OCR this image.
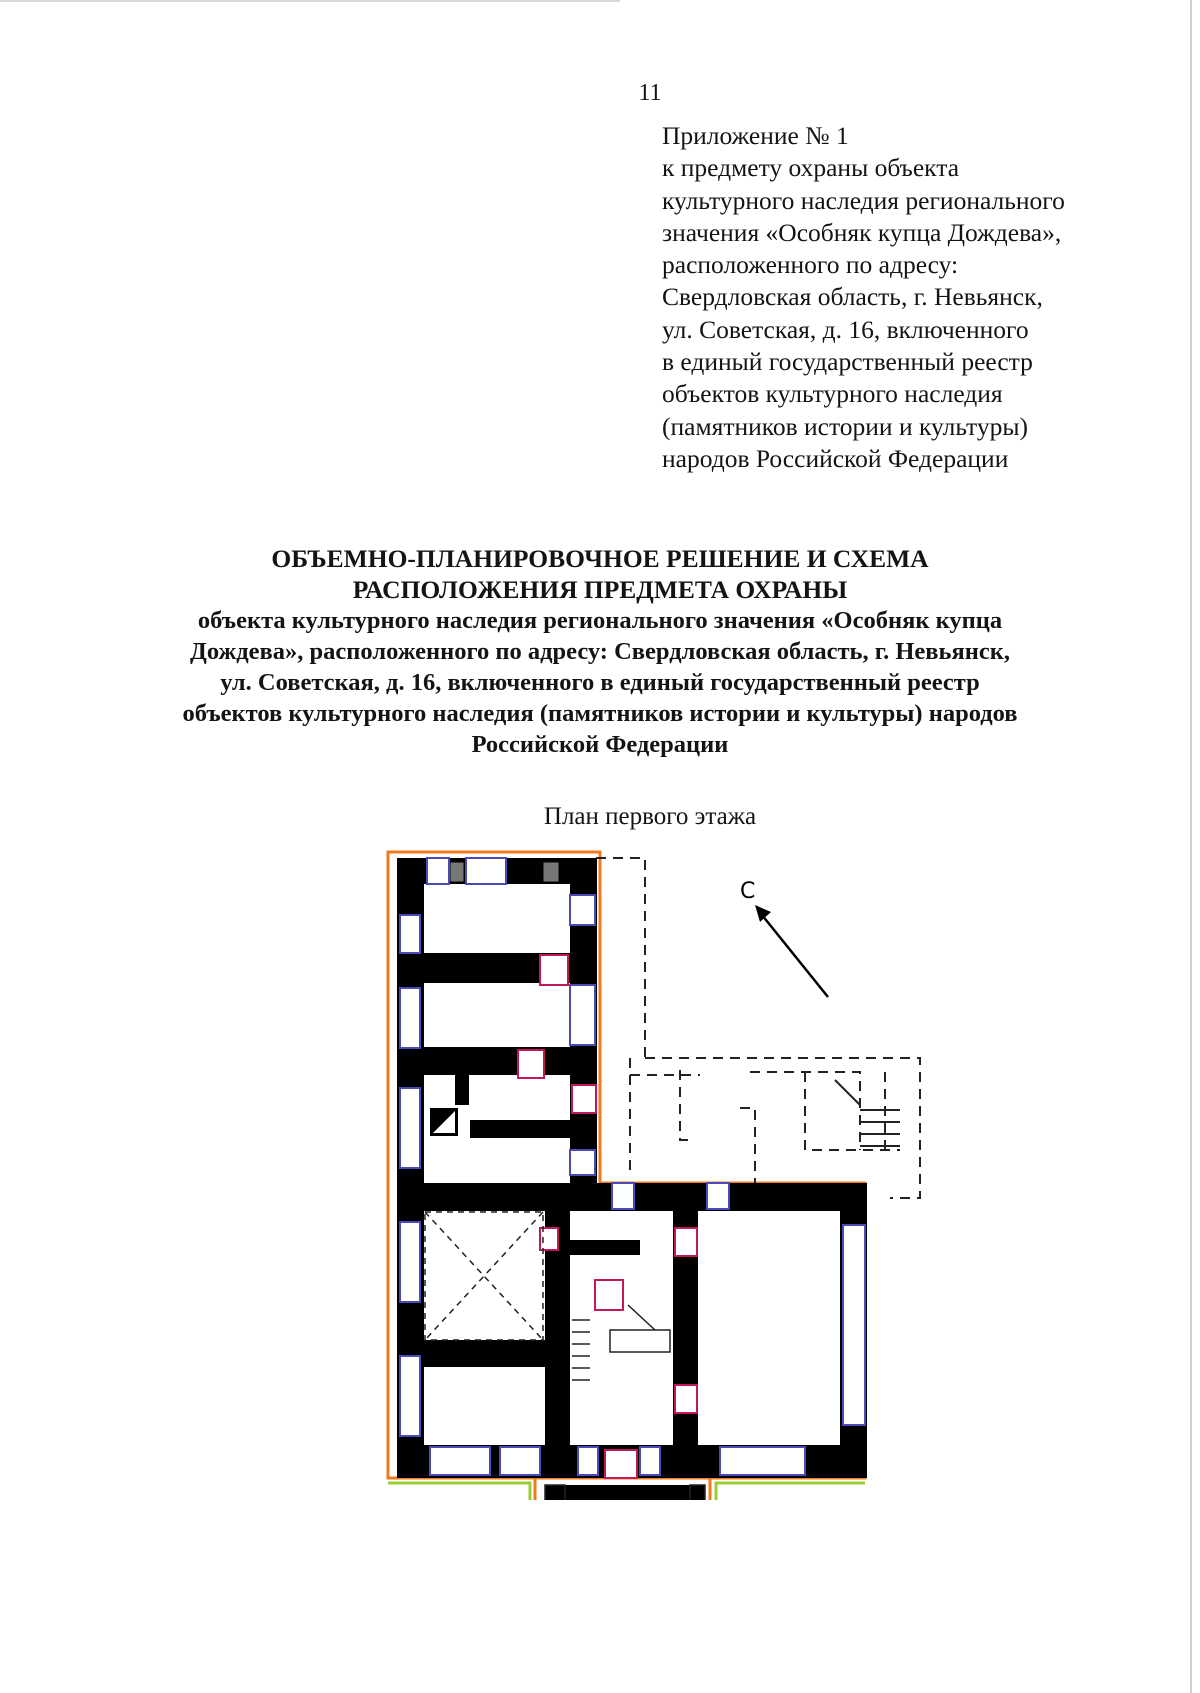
11
Приложение № 1
к предмету охраны объекта
культурного наследия регионального
значения «Особняк купца Дождева»,
расположенного по адресу:
Свердловская область, г. Невьянск,
ул. Советская, д. 16, включенного
в единый государственный реестр
объектов культурного наследия
(памятников истории и культуры)
народов Российской Федерации
ОБЪЕМНО-ПЛАНИРОВОЧНОЕ РЕШЕНИЕ И СХЕМА
РАСПОЛОЖЕНИЯ ПРЕДМЕТА ОХРАНЫ
объекта культурного наследия регионального значения «Особняк купца
Дождева», расположенного по адресу: Свердловская область, г. Невьянск,
ул. Советская, д. 16, включенного в единый государственный реестр
объектов культурного наследия (памятников истории и культуры) народов
Российской Федерации
План первого этажа
С
